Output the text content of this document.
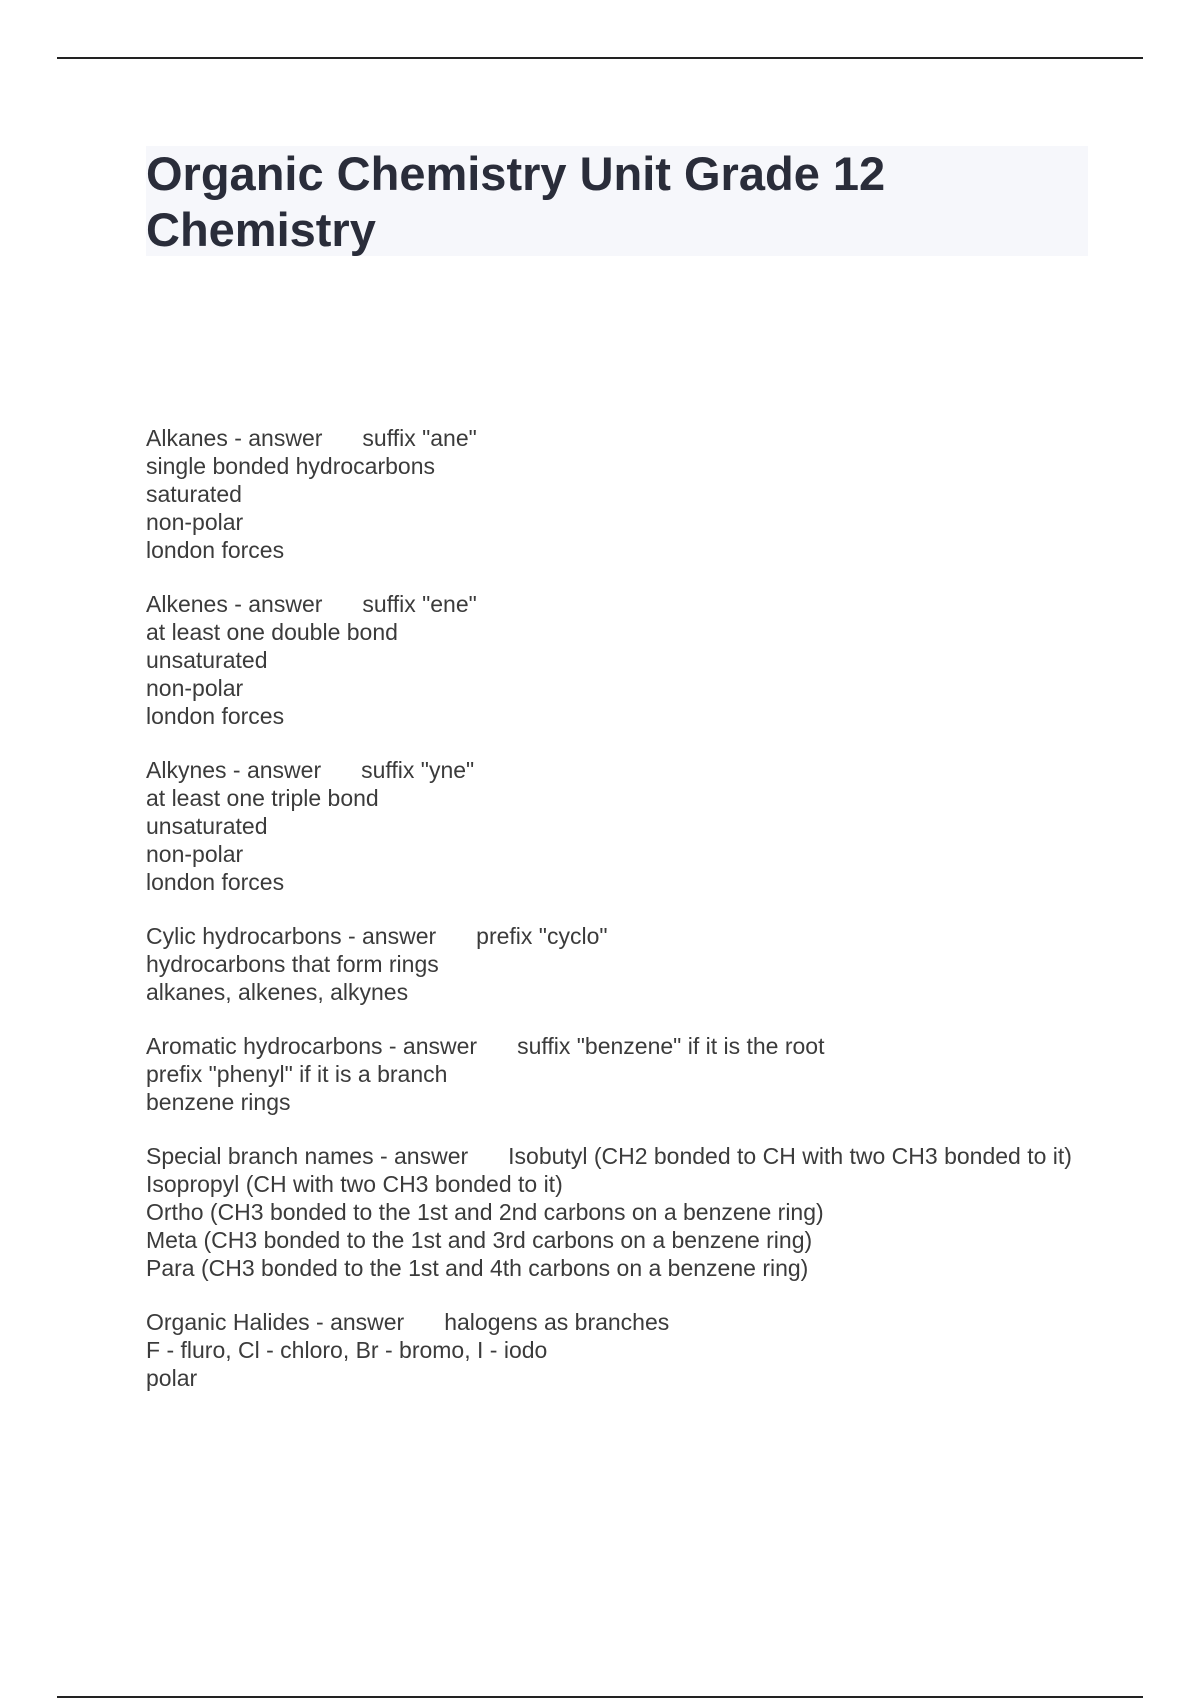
Organic Chemistry Unit Grade 12 Chemistry
Alkanes - answer suffix "ane"
single bonded hydrocarbons
saturated
non-polar
london forces
Alkenes - answer suffix "ene"
at least one double bond
unsaturated
non-polar
london forces
Alkynes - answer suffix "yne"
at least one triple bond
unsaturated
non-polar
london forces
Cylic hydrocarbons - answer prefix "cyclo"
hydrocarbons that form rings
alkanes, alkenes, alkynes
Aromatic hydrocarbons - answer suffix "benzene" if it is the root
prefix "phenyl" if it is a branch
benzene rings
Special branch names - answer Isobutyl (CH2 bonded to CH with two CH3 bonded to it)
Isopropyl (CH with two CH3 bonded to it)
Ortho (CH3 bonded to the 1st and 2nd carbons on a benzene ring)
Meta (CH3 bonded to the 1st and 3rd carbons on a benzene ring)
Para (CH3 bonded to the 1st and 4th carbons on a benzene ring)
Organic Halides - answer halogens as branches
F - fluro, Cl - chloro, Br - bromo, I - iodo
polar
